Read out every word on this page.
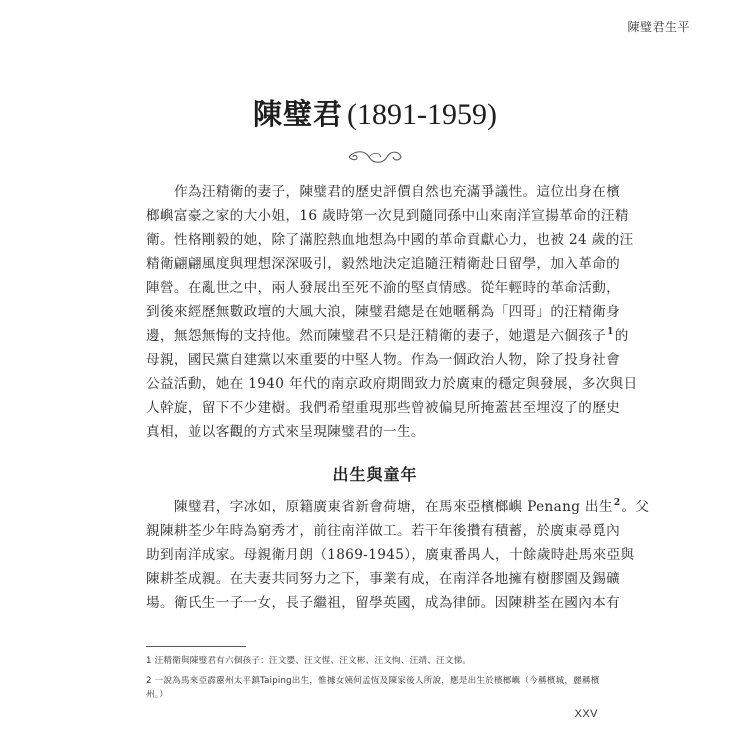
陳璧君生平
陳璧君 (1891-1959)
作為汪精衛的妻子，陳璧君的歷史評價自然也充滿爭議性。這位出身在檳
榔嶼富豪之家的大小姐，16 歲時第一次見到隨同孫中山來南洋宣揚革命的汪精
衛。性格剛毅的她，除了滿腔熱血地想為中國的革命貢獻心力，也被 24 歲的汪
精衛翩翩風度與理想深深吸引，毅然地決定追隨汪精衛赴日留學，加入革命的
陣營。在亂世之中，兩人發展出至死不渝的堅貞情感。從年輕時的革命活動，
到後來經歷無數政壇的大風大浪，陳璧君總是在她暱稱為「四哥」的汪精衛身
邊，無怨無悔的支持他。然而陳璧君不只是汪精衛的妻子，她還是六個孩子$^1$的
母親，國民黨自建黨以來重要的中堅人物。作為一個政治人物，除了投身社會
公益活動，她在 1940 年代的南京政府期間致力於廣東的穩定與發展，多次與日
人幹旋，留下不少建樹。我們希望重現那些曾被偏見所掩蓋甚至埋沒了的歷史
真相，並以客觀的方式來呈現陳璧君的一生。
出生與童年
陳璧君，字冰如，原籍廣東省新會荷塘，在馬來亞檳榔嶼 Penang 出生$^2$。父
親陳耕荃少年時為窮秀才，前往南洋做工。若干年後攢有積蓄，於廣東尋覓內
助到南洋成家。母親衛月朗（1869-1945），廣東番禺人，十餘歲時赴馬來亞與
陳耕荃成親。在夫妻共同努力之下，事業有成，在南洋各地擁有樹膠園及錫礦
場。衛氏生一子一女，長子繼祖，留學英國，成為律師。因陳耕荃在國內本有
1 汪精衛與陳璧君有六個孩子：汪文嬰、汪文惺、汪文彬、汪文恂、汪靖、汪文悌。
2 一說為馬來亞霹靂州太平鎮Taiping出生，惟據女姨何孟恆及陳家後人所說，應是出生於檳榔嶼（今稱檳城，麗稱檳
州。）
XXV
